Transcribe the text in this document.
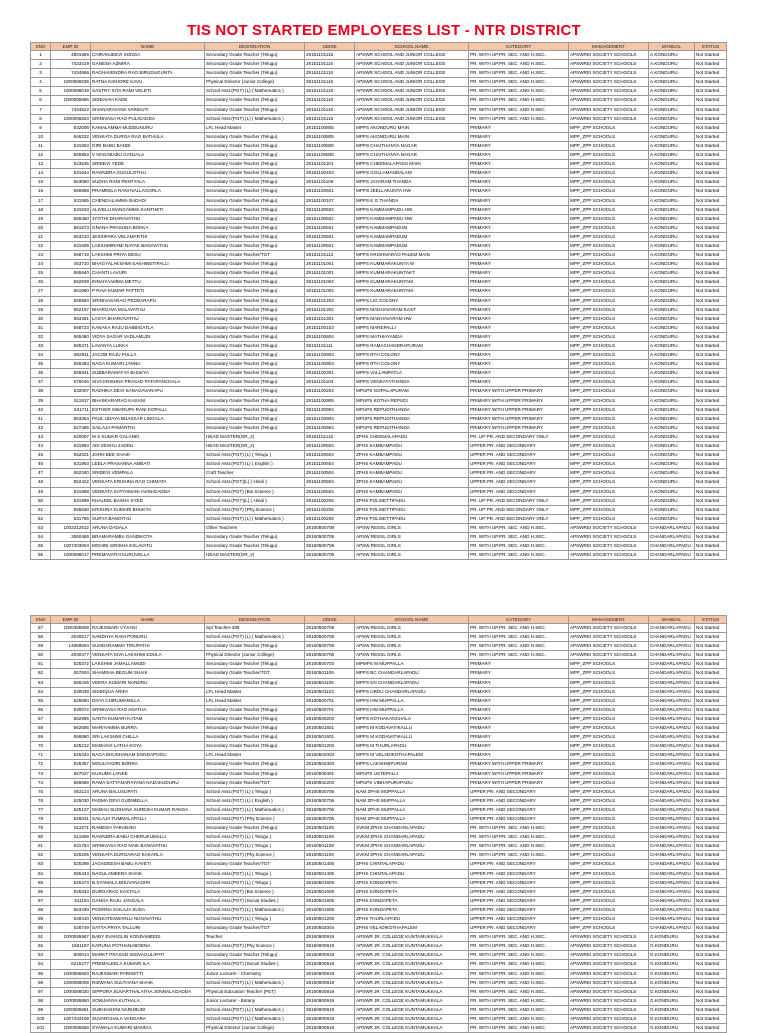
TIS NOT STARTED EMPLOYEES LIST - NTR DISTRICT
SNO	EMP ID	NAME	DESIGNATION	UDISE	SCHOOL NAME	CATEGORY	MANAGEMENT	MANDAL	STATUS
1	4801886	CHIRANJEEVI SONGA	Secondary Grade Teacher (Telugu)	28161101116	APSWR SCHOOL AND JUNIOR COLLEGE	PR. WITH UP.PR. SEC. AND H.SEC.	APSWREI SOCIETY SCHOOLS	A.KONDURU	Not Started
2	7423419	GANESH AZMIRA	Secondary Grade Teacher (Telugu)	28161101116	APSWR SCHOOL AND JUNIOR COLLEGE	PR. WITH UP.PR. SEC. AND H.SEC.	APSWREI SOCIETY SCHOOLS	A.KONDURU	Not Started
3	7434866	RAGHAVENDRA RAO BIRUDUGUNTA	Secondary Grade Teacher (Telugu)	28161101116	APSWR SCHOOL AND JUNIOR COLLEGE	PR. WITH UP.PR. SEC. AND H.SEC.	APSWREI SOCIETY SCHOOLS	A.KONDURU	Not Started
4	1000086039	RATNA KISHORE KAVU	Physical Director (Junior College)	28161101116	APSWR SCHOOL AND JUNIOR COLLEGE	PR. WITH UP.PR. SEC. AND H.SEC.	APSWREI SOCIETY SCHOOLS	A.KONDURU	Not Started
5	1000086019	SASTRY SITA RAMI VELETI	School Asst.(PGT) (L) ( Mathematics )	28161101116	APSWR SCHOOL AND JUNIOR COLLEGE	PR. WITH UP.PR. SEC. AND H.SEC.	APSWREI SOCIETY SCHOOLS	A.KONDURU	Not Started
6	1000065666	SIDDAIAH KADE	Secondary Grade Teacher (Telugu)	28161101116	APSWR SCHOOL AND JUNIOR COLLEGE	PR. WITH UP.PR. SEC. AND H.SEC.	APSWREI SOCIETY SCHOOLS	A.KONDURU	Not Started
7	7434622	SIVANARAYANA VARIKUTI	Secondary Grade Teacher (Telugu)	28161101116	APSWR SCHOOL AND JUNIOR COLLEGE	PR. WITH UP.PR. SEC. AND H.SEC.	APSWREI SOCIETY SCHOOLS	A.KONDURU	Not Started
8	1000065823	SRINIVASA RAO PULIGADDA	School Asst.(PGT) (L) ( Mathematics )	28161101116	APSWR SCHOOL AND JUNIOR COLLEGE	PR. WITH UP.PR. SEC. AND H.SEC.	APSWREI SOCIETY SCHOOLS	A.KONDURU	Not Started
9	532006	KAMALAMMA MUDDUNURU	LFL Head Master	28161100805	MPPS AKONDURU MAIN	PRIMARY	MPP_ZPP SCHOOLS	A.KONDURU	Not Started
10	546332	VENKATA DURGA RAO BATHULA	Secondary Grade Teacher (Telugu)	28161100805	MPPS AKONDURU MAIN	PRIMARY	MPP_ZPP SCHOOLS	A.KONDURU	Not Started
11	531653	GIRI BABU BANDI	Secondary Grade Teacher (Telugu)	28161100808	MPPS CHAITHANYA NAGAR	PRIMARY	MPP_ZPP SCHOOLS	A.KONDURU	Not Started
12	555953	V NAGABABU GANJALA	Secondary Grade Teacher (Telugu)	28161100808	MPPS CHAITHANYA NAGAR	PRIMARY	MPP_ZPP SCHOOLS	A.KONDURU	Not Started
13	523536	SRIDEVI YEDE	Secondary Grade Teacher (Telugu)	28161101101	MPPS CHEEMALAPADU MAIN	PRIMARY	MPP_ZPP SCHOOLS	A.KONDURU	Not Started
14	531644	RAVINDRA GUGULOTHU	Secondary Grade Teacher (Telugu)	28161100403	MPPS GOLLAMANDALAM	PRIMARY	MPP_ZPP SCHOOLS	A.KONDURU	Not Started
15	563060	SUDHA RANI PENTYALA	Secondary Grade Teacher (Telugu)	28161101106	MPPS JAYARAM THANDA	PRIMARY	MPP_ZPP SCHOOLS	A.KONDURU	Not Started
16	555958	PRAMEELA RANI NALLAGORLA	Secondary Grade Teacher (Telugu)	28161100601	MPPS JEELLAKUNTA HW	PRIMARY	MPP_ZPP SCHOOLS	A.KONDURU	Not Started
17	531565	CHENGALAMMA BADADI	Secondary Grade Teacher (Telugu)	28161100107	MPPS K G THANDA	PRIMARY	MPP_ZPP SCHOOLS	A.KONDURU	Not Started
18	531633	ALIVELU MANGAMMA KANTHETI	Secondary Grade Teacher (Telugu)	28161100502	MPPS KAMMAMPADU HW	PRIMARY	MPP_ZPP SCHOOLS	A.KONDURU	Not Started
19	565460	JYOTHI DHARAVATHU	Secondary Grade Teacher (Telugu)	28161100502	MPPS KAMMAMPADU HW	PRIMARY	MPP_ZPP SCHOOLS	A.KONDURU	Not Started
20	561573	GNANA PRASUNA BOKKA	Secondary Grade Teacher (Telugu)	28161100501	MPPS KAMMAMPADUM	PRIMARY	MPP_ZPP SCHOOLS	A.KONDURU	Not Started
21	563210	JESSIPARA VELAMARTHI	Secondary Grade Teacher (Telugu)	28161100501	MPPS KAMMAMPADUM	PRIMARY	MPP_ZPP SCHOOLS	A.KONDURU	Not Started
22	531509	LAKSHMIRAMI NAYAK BANAVATHU	Secondary Grade Teacher (Telugu)	28161100501	MPPS KAMMAMPADUM	PRIMARY	MPP_ZPP SCHOOLS	A.KONDURU	Not Started
23	558719	LAKSHMI PRIYA DESU	Secondary Grade Teacher/TGT	28161101113	MPPS KRISHNARAO PALEM MAIN	PRIMARY	MPP_ZPP SCHOOLS	A.KONDURU	Not Started
24	453710	BHAGYALAKSHMI SAKHINETIPALLI	Secondary Grade Teacher (Telugu)	28161101001	MPPS KUMMARAKUNTA M	PRIMARY	MPP_ZPP SCHOOLS	A.KONDURU	Not Started
25	555940	CHANTI LAVURI	Secondary Grade Teacher (Telugu)	28161101001	MPPS KUMMARAKUNTAKT	PRIMARY	MPP_ZPP SCHOOLS	A.KONDURU	Not Started
26	562939	INNAIYAAMMA METTU	Secondary Grade Teacher (Telugu)	28161101002	MPPS KUMMARAKUNTAM	PRIMARY	MPP_ZPP SCHOOLS	A.KONDURU	Not Started
27	561990	P RAVI KUMAR PATTETI	Secondary Grade Teacher (Telugu)	28161101002	MPPS KUMMARAKUNTAM	PRIMARY	MPP_ZPP SCHOOLS	A.KONDURU	Not Started
28	555963	SRINIVASARAO PEDDARAPU	Secondary Grade Teacher (Telugu)	28161101203	MPPS LIG COLONY	PRIMARY	MPP_ZPP SCHOOLS	A.KONDURU	Not Started
29	562157	BHARGAVA MALAVATHU	Secondary Grade Teacher (Telugu)	28161101302	MPPS MADHAVARAM EAST	PRIMARY	MPP_ZPP SCHOOLS	A.KONDURU	Not Started
30	563391	LASYA BHAROVATHU	Secondary Grade Teacher (Telugu)	28161101301	MPPS MADHAVARAM HW	PRIMARY	MPP_ZPP SCHOOLS	A.KONDURU	Not Started
31	558723	KANAKA RAJU DABBIGATLA	Secondary Grade Teacher (Telugu)	28161100103	MPPS MAREPALLI	PRIMARY	MPP_ZPP SCHOOLS	A.KONDURU	Not Started
32	565480	VIDYA SAGAR VADLAMUDI	Secondary Grade Teacher (Telugu)	28161100804	MPPS MATHIAYANDA	PRIMARY	MPP_ZPP SCHOOLS	A.KONDURU	Not Started
33	565371	LAVANYA LUKKA	Secondary Grade Teacher (Telugu)	28161101111	MPPS RAMACHANDRAPURAM	PRIMARY	MPP_ZPP SCHOOLS	A.KONDURU	Not Started
34	562911	JACOB RAJU PULLA	Secondary Grade Teacher (Telugu)	28161100903	MPPS RTH COLONY	PRIMARY	MPP_ZPP SCHOOLS	A.KONDURU	Not Started
35	565484	NAGA KUMARI JANNU	Secondary Grade Teacher (Telugu)	28161100903	MPPS RTH COLONY	PRIMARY	MPP_ZPP SCHOOLS	A.KONDURU	Not Started
36	555941	SUBBARAMAYYA BHUKYA	Secondary Grade Teacher (Telugu)	28161100301	MPPS VALLAMPATLA	PRIMARY	MPP_ZPP SCHOOLS	A.KONDURU	Not Started
37	578046	SIVA KRISHNA PRASAD PATAPANCHALA	Secondary Grade Teacher (Telugu)	28161101104	MPPS VENKATATHANDA	PRIMARY	MPP_ZPP SCHOOLS	A.KONDURU	Not Started
38	532007	RADHIKA DEVI SANAGAVARAPU	Secondary Grade Teacher (Telugu)	28161100204	MPUPS GOPALAPURAM	PRIMARY WITH UPPER PRIMARY	MPP_ZPP SCHOOLS	A.KONDURU	Not Started
39	511817	BHASKARARAO KASANI	Secondary Grade Teacher (Telugu)	28161100905	MPUPS KOTHA REPUDI	PRIMARY WITH UPPER PRIMARY	MPP_ZPP SCHOOLS	A.KONDURU	Not Started
40	531711	ESTHER SWARUPA RANI KOPALLI	Secondary Grade Teacher (Telugu)	28161100904	MPUPS REPUDITHANDA	PRIMARY WITH UPPER PRIMARY	MPP_ZPP SCHOOLS	A.KONDURU	Not Started
41	563354	PAUL UDAYA BHASKAR LINGALA	Secondary Grade Teacher (Telugu)	28161100904	MPUPS REPUDITHANDA	PRIMARY WITH UPPER PRIMARY	MPP_ZPP SCHOOLS	A.KONDURU	Not Started
42	527485	SAILAJA PAMARTHI	Secondary Grade Teacher (Telugu)	28161100904	MPUPS REPUDITHANDA	PRIMARY WITH UPPER PRIMARY	MPP_ZPP SCHOOLS	A.KONDURU	Not Started
43	520067	M S KUMAR GALANKI	HEAD MASTER(GR_2)	28161101115	ZPHS CHEEMALAPADU	PR. UP PR. AND SECONDARY ONLY	MPP_ZPP SCHOOLS	A.KONDURU	Not Started
44	531994	ADI SESHU JADDU	HEAD MASTER(GR_2)	28161100504	ZPHS KAMBAMPADU	UPPER PR. AND SECONDARY	MPP_ZPP SCHOOLS	A.KONDURU	Not Started
45	552021	JOHN BEE SHAIK	School Asst.(PGT) (L) ( Telugu )	28161100504	ZPHS KAMBAMPADU	UPPER PR. AND SECONDARY	MPP_ZPP SCHOOLS	A.KONDURU	Not Started
46	531963	LEELA PRASANNA AMBATI	School Asst.(PGT) (L) ( English )	28161100504	ZPHS KAMBAMPADU	UPPER PR. AND SECONDARY	MPP_ZPP SCHOOLS	A.KONDURU	Not Started
47	552340	SRIDEVI VEMPALA	Craft Teacher	28161100504	ZPHS KAMBAMPADU	UPPER PR. AND SECONDARY	MPP_ZPP SCHOOLS	A.KONDURU	Not Started
48	552422	VENKATA KRISHNA RAO CHIMATA	School Asst.(PGT)(L) ( Hindi )	28161100504	ZPHS KAMBAMPADU	UPPER PR. AND SECONDARY	MPP_ZPP SCHOOLS	A.KONDURU	Not Started
49	531968	VENKATA SATYAMANI AVANIGADDA	School Asst.(PGT) (Bio.Science )	28161100504	ZPHS KAMBAMPADU	UPPER PR. AND SECONDARY	MPP_ZPP SCHOOLS	A.KONDURU	Not Started
50	531999	KHALEEL BASHA SYED	School Asst.(PGT)(L) ( Hindi )	28161100205	ZPHS POLISETTIPADU	PR. UP PR. AND SECONDARY ONLY	MPP_ZPP SCHOOLS	A.KONDURU	Not Started
51	555630	KRISHNA KUMARI BHUKYA	School Asst.(PGT) (Phy.Science )	28161100205	ZPHS POLISETTIPADU	PR. UP PR. AND SECONDARY ONLY	MPP_ZPP SCHOOLS	A.KONDURU	Not Started
52	531766	SURYA BANOTHU	School Asst.(PGT) (L) ( Mathematics )	28161100205	ZPHS POLISETTIPADU	PR. UP PR. AND SECONDARY ONLY	MPP_ZPP SCHOOLS	A.KONDURU	Not Started
53	1002312812	ARUNA DADALA	Other Teachers	28160500708	APSW RESSL GIRLS	PR. WITH UP.PR. SEC. AND H.SEC.	APSWREI SOCIETY SCHOOLS	CHANDARLAPADU	Not Started
54	2860486	BRAMARAMBA GANDIKOTA	Secondary Grade Teacher (Telugu)	28160500708	APSW RESSL GIRLS	PR. WITH UP.PR. SEC. AND H.SEC.	APSWREI SOCIETY SCHOOLS	CHANDARLAPADU	Not Started
55	1007403604	MOHINI SIRISHA ESLAVATU	Secondary Grade Teacher (Telugu)	28160500708	APSW RESSL GIRLS	PR. WITH UP.PR. SEC. AND H.SEC.	APSWREI SOCIETY SCHOOLS	CHANDARLAPADU	Not Started
56	1000086017	PREMAVATHI KURUVELLA	HEAD MASTER(GR_2)	28160500708	APSW RESSL GIRLS	PR. WITH UP.PR. SEC. AND H.SEC.	APSWREI SOCIETY SCHOOLS	CHANDARLAPADU	Not Started
SNO	EMP ID	NAME	DESIGNATION	UDISE	SCHOOL NAME	CATEGORY	MANAGEMENT	MANDAL	STATUS
57	1000365808	RAJESWARI VYSANI	Spl.Teacher-388	28160500708	APSW RESSL GIRLS	PR. WITH UP.PR. SEC. AND H.SEC.	APSWREI SOCIETY SCHOOLS	CHANDARLAPADU	Not Started
58	2040517	SANDHYA RANI PONURU	School Asst.(PGT) (L) ( Mathematics )	28160500708	APSW RESSL GIRLS	PR. WITH UP.PR. SEC. AND H.SEC.	APSWREI SOCIETY SCHOOLS	CHANDARLAPADU	Not Started
59	14859604	SUNDARAMMA TIRUPATHI	Secondary Grade Teacher (Telugu)	28160500708	APSW RESSL GIRLS	PR. WITH UP.PR. SEC. AND H.SEC.	APSWREI SOCIETY SCHOOLS	CHANDARLAPADU	Not Started
60	2040477	VENKATA SIVA LAKSHMI EDULA	Physical Director (Junior College)	28160500708	APSW RESSL GIRLS	PR. WITH UP.PR. SEC. AND H.SEC.	APSWREI SOCIETY SCHOOLS	CHANDARLAPADU	Not Started
61	525372	LAKSHMI JAMALLAMUDI	Secondary Grade Teacher (Telugu)	28160500703	MPMPS M MUPPALLA	PRIMARY	MPP_ZPP SCHOOLS	CHANDARLAPADU	Not Started
62	557604	SHAMSHA BEGUM SHAIK	Secondary Grade Teacher/TGT	28160501109	MPPS BC CHANDARLAPADU	PRIMARY	MPP_ZPP SCHOOLS	CHANDARLAPADU	Not Started
63	556425	VEERA KUMARI NANDRU	Secondary Grade Teacher (Telugu)	28160501105	MPPS KN CHANDARLAPADU	PRIMARY	MPP_ZPP SCHOOLS	CHANDARLAPADU	Not Started
64	530039	SIDDIQUA ARIFA	LFL Head Master	28160501103	MPPS URDU CHANDARLAPADU	PRIMARY	MPP_ZPP SCHOOLS	CHANDARLAPADU	Not Started
65	525560	DIVVI CHIRUMAMILLA	LFL Head Master	28160500701	MPPS HW MUPPALLA	PRIMARY	MPP_ZPP SCHOOLS	CHANDARLAPADU	Not Started
66	530072	SRINIVASA RAO ANATHA	Secondary Grade Teacher (Telugu)	28160500701	MPPS HW MUPPALLA	PRIMARY	MPP_ZPP SCHOOLS	CHANDARLAPADU	Not Started
67	562995	SANTA KUMARI KATAM	Secondary Grade Teacher (Telugu)	28160500203	MPPS KOTHAKANCHALA	PRIMARY	MPP_ZPP SCHOOLS	CHANDARLAPADU	Not Started
68	562685	MARIYAMMA BURRA	Secondary Grade Teacher (Telugu)	28160501601	MPPS M KODAVATIKALLU	PRIMARY	MPP_ZPP SCHOOLS	CHANDARLAPADU	Not Started
69	558680	SRI LAKSHMI CHILLA	Secondary Grade Teacher (Telugu)	28160501601	MPPS M KODAVATIKALLU	PRIMARY	MPP_ZPP SCHOOLS	CHANDARLAPADU	Not Started
70	525212	MADHAVI LATHA KOYA	Secondary Grade Teacher (Telugu)	28160501203	MPPS M THURLAPADU	PRIMARY	MPP_ZPP SCHOOLS	CHANDARLAPADU	Not Started
71	525344	NAGA BHUSHANAM KONDAPOGU	LFL Head Master	28160502003	MPPS M VELADIKOTHAPALEM	PRIMARY	MPP_ZPP SCHOOLS	CHANDARLAPADU	Not Started
72	525357	MOULIYADRI BORRA	Secondary Grade Teacher (Telugu)	28160502303	MPPS LAKSHMIPURAM	PRIMARY WITH UPPER PRIMARY	MPP_ZPP SCHOOLS	CHANDARLAPADU	Not Started
73	557027	KUSUMA LANKE	Secondary Grade Teacher (Telugu)	28160500401	MPUPS USTEPALLI	PRIMARY WITH UPPER PRIMARY	MPP_ZPP SCHOOLS	CHANDARLAPADU	Not Started
74	556686	RAMA SATYANARAYANA NADAKUDURU	Secondary Grade Teacher/TGT	28160502203	MPUPS VIBHAPURAPADU	PRIMARY WITH UPPER PRIMARY	MPP_ZPP SCHOOLS	CHANDARLAPADU	Not Started
75	552114	ARUNA BALUSUPATI	School Asst.(PGT) (L) ( Telugu )	28160500706	NAM ZPHS MUPPALLA	UPPER PR. AND SECONDARY	MPP_ZPP SCHOOLS	CHANDARLAPADU	Not Started
76	525030	PADMA DEVI GUDIMELLA	School Asst.(PGT) (L) ( English )	28160500706	NAM ZPHS MUPPALLA	UPPER PR. AND SECONDARY	MPP_ZPP SCHOOLS	CHANDARLAPADU	Not Started
77	525127	MADHU SUDHANA SURESH KUMAR RANGA	School Asst.(PGT) (L) ( Mathematics )	28160500706	NAM ZPHS MUPPALLA	UPPER PR. AND SECONDARY	MPP_ZPP SCHOOLS	CHANDARLAPADU	Not Started
78	525031	SAILAJA TUMMALAPALLI	School Asst.(PGT) (Phy.Science )	28160500706	NAM ZPHS MUPPALLA	UPPER PR. AND SECONDARY	MPP_ZPP SCHOOLS	CHANDARLAPADU	Not Started
79	511571	RAMESH YARABADI	Secondary Grade Teacher (Telugu)	28160501109	SVKM ZPHS CHANDARLAPADU	PR. WITH UP.PR. SEC. AND H.SEC.	MPP_ZPP SCHOOLS	CHANDARLAPADU	Not Started
80	511669	RAVINDRA BABU CHERUKUMALLI	School Asst.(PGT) (L) ( Telugu )	28160501109	SVKM ZPHS CHANDARLAPADU	PR. WITH UP.PR. SEC. AND H.SEC.	MPP_ZPP SCHOOLS	CHANDARLAPADU	Not Started
81	531754	SRINIVASA RAO NAIK BANAVATHU	School Asst.(PGT) (L) ( Telugu )	28160501109	SVKM ZPHS CHANDARLAPADU	PR. WITH UP.PR. SEC. AND H.SEC.	MPP_ZPP SCHOOLS	CHANDARLAPADU	Not Started
82	525205	VENKATA DURGARAO KAKARLA	School Asst.(PGT) (Phy.Science )	28160501109	SVKM ZPHS CHANDARLAPADU	PR. WITH UP.PR. SEC. AND H.SEC.	MPP_ZPP SCHOOLS	CHANDARLAPADU	Not Started
83	525399	JAGADEESH BABU KAVETI	Secondary Grade Teacher/TGT	28160501405	ZPHS CHINTALAPADU	UPPER PR. AND SECONDARY	MPP_ZPP SCHOOLS	CHANDARLAPADU	Not Started
84	555443	NAGULAMEERA SHAIK	School Asst.(PGT) (L) ( Telugu )	28160501405	ZPHS CHINTALAPADU	UPPER PR. AND SECONDARY	MPP_ZPP SCHOOLS	CHANDARLAPADU	Not Started
85	525473	B.SYAMALA BHUVANAGIRI	School Asst.(PGT) (L) ( Telugu )	28160501605	ZPHS KONDAPETA	UPPER PR. AND SECONDARY	MPP_ZPP SCHOOLS	CHANDARLAPADU	Not Started
86	525343	DURGARAO KASTALA	School Asst.(PGT) (Bio.Science )	28160501605	ZPHS KONDAPETA	UPPER PR. AND SECONDARY	MPP_ZPP SCHOOLS	CHANDARLAPADU	Not Started
87	511154	GANGA RAJU JANGALA	School Asst.(PGT) (Social Studies )	28160501605	ZPHS KONDAPETA	UPPER PR. AND SECONDARY	MPP_ZPP SCHOOLS	CHANDARLAPADU	Not Started
88	563430	POORNA SAILAJA SUDA	School Asst.(PGT) (L) ( Mathematics )	28160501605	ZPHS KONDAPETA	UPPER PR. AND SECONDARY	MPP_ZPP SCHOOLS	CHANDARLAPADU	Not Started
89	549410	VENKATESWARLU NUNAVATHU	School Asst.(PGT) (L) ( Telugu )	28160501206	ZPHS THURLAPADU	UPPER PR. AND SECONDARY	MPP_ZPP SCHOOLS	CHANDARLAPADU	Not Started
90	526749	SATYA PRIYA TALLURI	Secondary Grade Teacher/TGT	28160502004	ZPHS VELADIKOTHAPALEM	UPPER PR. AND SECONDARY	MPP_ZPP SCHOOLS	CHANDARLAPADU	Not Started
91	1000085987	BABY EVANGLIN KONDAMEEDI	Teacher	28160900919	APSWR JR. COLLEGE KUNTAMUKKALA	PR. WITH UP.PR. SEC. AND H.SEC.	APSWREI SOCIETY SCHOOLS	G.KONDURU	Not Started
92	1561187	KARUNA POTHANABOENA	School Asst.(PGT) (Phy.Science )	28160900919	APSWR JR. COLLEGE KUNTAMUKKALA	PR. WITH UP.PR. SEC. AND H.SEC.	APSWREI SOCIETY SCHOOLS	G.KONDURU	Not Started
93	800014	MARKT PRASAD ISSIVAGULIPATI	Secondary Grade Teacher (Telugu)	28160900919	APSWR JR. COLLEGE KUNTAMUKKALA	PR. WITH UP.PR. SEC. AND H.SEC.	APSWREI SOCIETY SCHOOLS	G.KONDURU	Not Started
94	6215277	PREMALEELA KUMARI ILA	School Asst.(PGT) (Social Studies )	28160900919	APSWR JR. COLLEGE KUNTAMUKKALA	PR. WITH UP.PR. SEC. AND H.SEC.	APSWREI SOCIETY SCHOOLS	G.KONDURU	Not Started
95	1000085603	RAJESWARI PARISETTI	Junior Lecturer - Chemistry	28160900919	APSWR JR. COLLEGE KUNTAMUKKALA	PR. WITH UP.PR. SEC. AND H.SEC.	APSWREI SOCIETY SCHOOLS	G.KONDURU	Not Started
96	1000086009	RIZWANA SULTHANA SHAIK	School Asst.(PGT) (L) ( Mathematics )	28160900919	APSWR JR. COLLEGE KUNTAMUKKALA	PR. WITH UP.PR. SEC. AND H.SEC.	APSWREI SOCIETY SCHOOLS	G.KONDURU	Not Started
97	1000086030	SIPPORA SUVARTHALATHA JONNALAGADDA	Physical Education Teacher (PET)	28160900919	APSWR JR. COLLEGE KUNTAMUKKALA	PR. WITH UP.PR. SEC. AND H.SEC.	APSWREI SOCIETY SCHOOLS	G.KONDURU	Not Started
98	1000085850	SOWJANYA KUTHALA	Junior Lecturer - Botany	28160900919	APSWR JR. COLLEGE KUNTAMUKKALA	PR. WITH UP.PR. SEC. AND H.SEC.	APSWREI SOCIETY SCHOOLS	G.KONDURU	Not Started
99	1000085661	SUBHASHINI NARUBUDI	School Asst.(PGT) (L) ( Mathematics )	28160900919	APSWR JR. COLLEGE KUNTAMUKKALA	PR. WITH UP.PR. SEC. AND H.SEC.	APSWREI SOCIETY SCHOOLS	G.KONDURU	Not Started
100	1007433109	SUVARCHALA VANGARA	School Asst.(PGT) (L) ( Mathematics )	28160900919	APSWR JR. COLLEGE KUNTAMUKKALA	PR. WITH UP.PR. SEC. AND H.SEC.	APSWREI SOCIETY SCHOOLS	G.KONDURU	Not Started
101	1000085658	SYAMALA KUMARI MANIGA	Physical Director (Junior College)	28160900919	APSWR JR. COLLEGE KUNTAMUKKALA	PR. WITH UP.PR. SEC. AND H.SEC.	APSWREI SOCIETY SCHOOLS	G.KONDURU	Not Started
